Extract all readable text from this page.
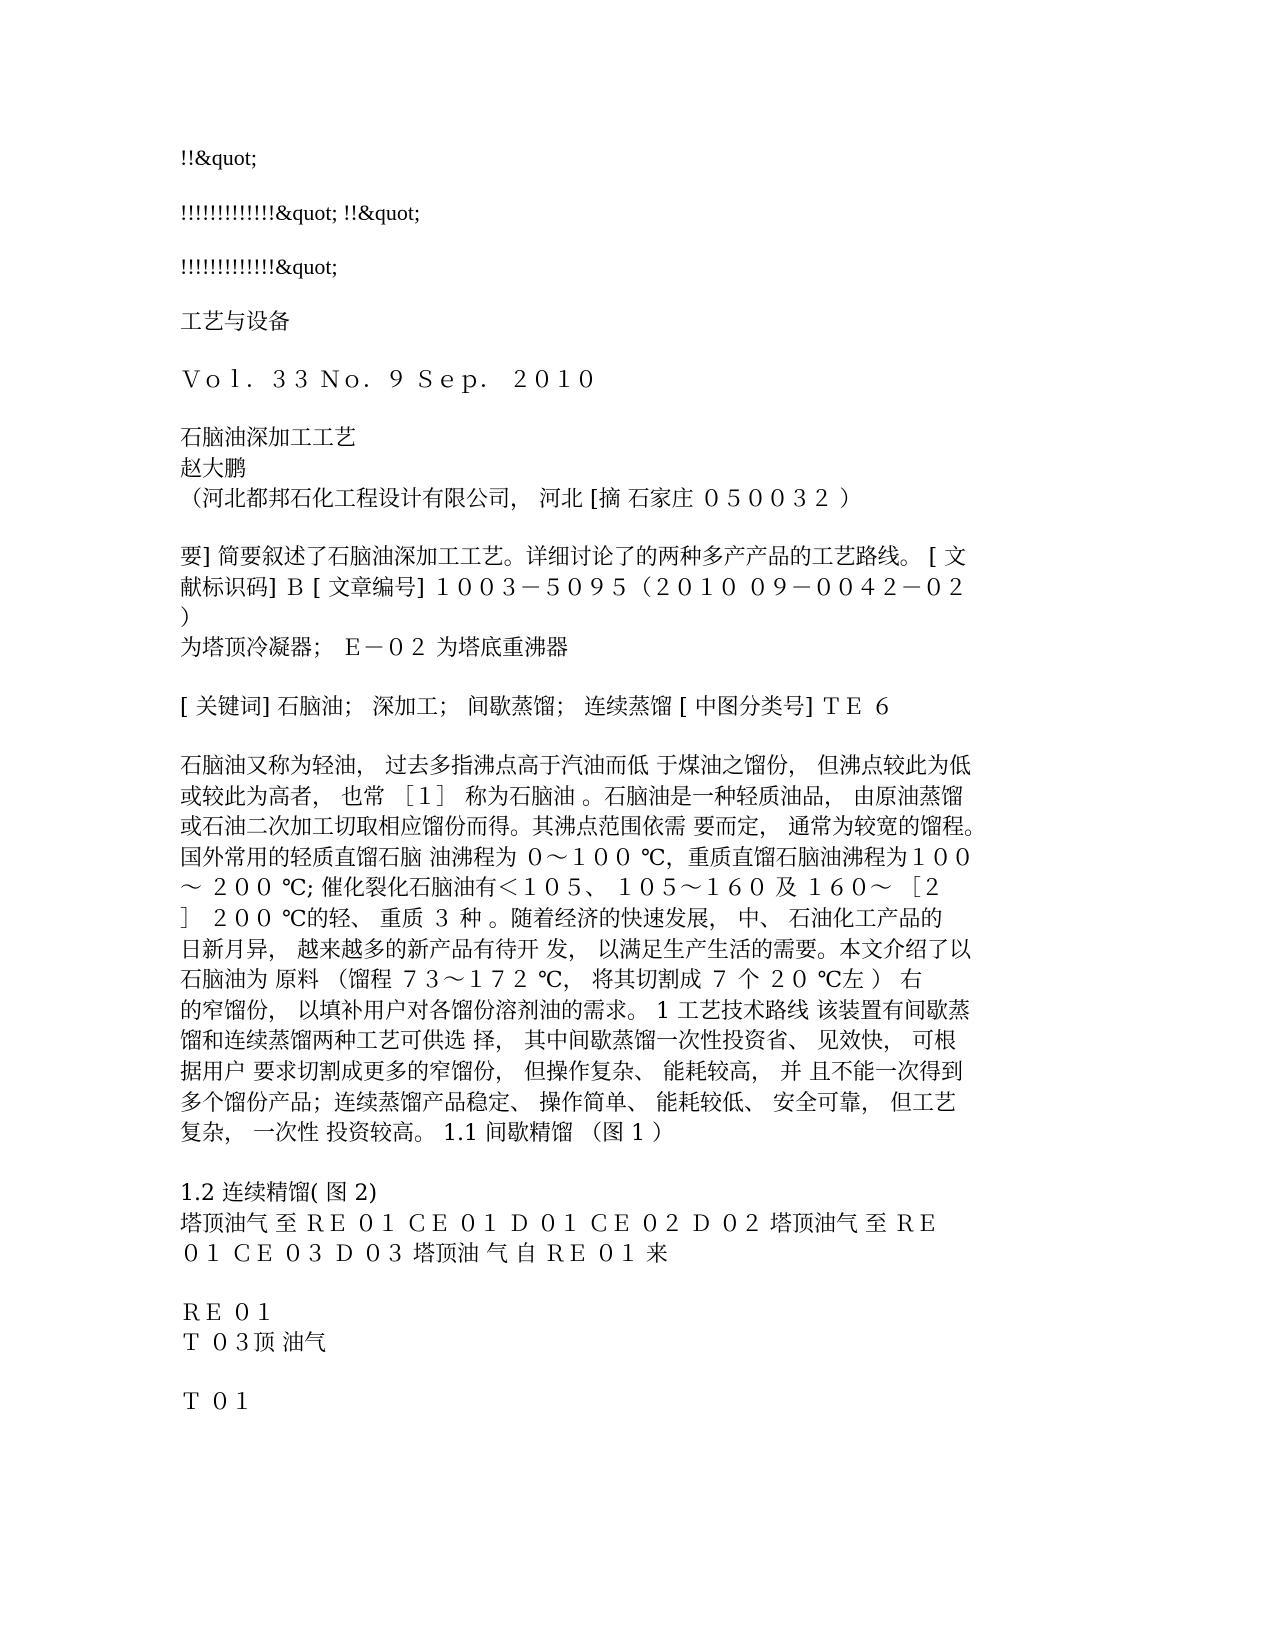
!!&quot;

!!!!!!!!!!!!!&quot; !!&quot;

!!!!!!!!!!!!!&quot;

工艺与设备

Ｖｏｌ．３３ Ｎｏ．９ Ｓｅｐ． ２０１０

石脑油深加工工艺

赵大鹏

（河北都邦石化工程设计有限公司， 河北 [摘 石家庄 ０５００３２ ）

要] 简要叙述了石脑油深加工工艺。详细讨论了的两种多产产品的工艺路线。 [ 文

献标识码] Ｂ [ 文章编号] １００３－５０９５（２０１０ ０９－００４２－０２

）

为塔顶冷凝器； Ｅ－０２ 为塔底重沸器

[ 关键词] 石脑油； 深加工； 间歇蒸馏； 连续蒸馏 [ 中图分类号] ＴＥ ６

石脑油又称为轻油， 过去多指沸点高于汽油而低 于煤油之馏份， 但沸点较此为低

或较此为高者， 也常 ［１］ 称为石脑油 。石脑油是一种轻质油品， 由原油蒸馏

或石油二次加工切取相应馏份而得。其沸点范围依需 要而定， 通常为较宽的馏程。

国外常用的轻质直馏石脑 油沸程为 ０～１００ ℃，重质直馏石脑油沸程为１００

～ ２００ ℃; 催化裂化石脑油有＜１０５、 １０５～１６０ 及 １６０～ ［２

］ ２００ ℃的轻、 重质 ３ 种 。随着经济的快速发展， 中、 石油化工产品的

日新月异， 越来越多的新产品有待开 发， 以满足生产生活的需要。本文介绍了以

石脑油为 原料 （馏程 ７３～１７２ ℃， 将其切割成 ７ 个 ２０ ℃左 ） 右

的窄馏份， 以填补用户对各馏份溶剂油的需求。 1 工艺技术路线 该装置有间歇蒸

馏和连续蒸馏两种工艺可供选 择， 其中间歇蒸馏一次性投资省、 见效快， 可根

据用户 要求切割成更多的窄馏份， 但操作复杂、 能耗较高， 并 且不能一次得到

多个馏份产品；连续蒸馏产品稳定、 操作简单、 能耗较低、 安全可靠， 但工艺

复杂， 一次性 投资较高。 1.1 间歇精馏 （图 1 ）

1.2 连续精馏( 图 2)

塔顶油气 至 ＲＥ ０１ ＣＥ ０１ Ｄ ０１ ＣＥ ０２ Ｄ ０２ 塔顶油气 至 ＲＥ

０１ ＣＥ ０３ Ｄ ０３ 塔顶油 气 自 ＲＥ ０１ 来

ＲＥ ０１

Ｔ ０３顶 油气

Ｔ ０１
